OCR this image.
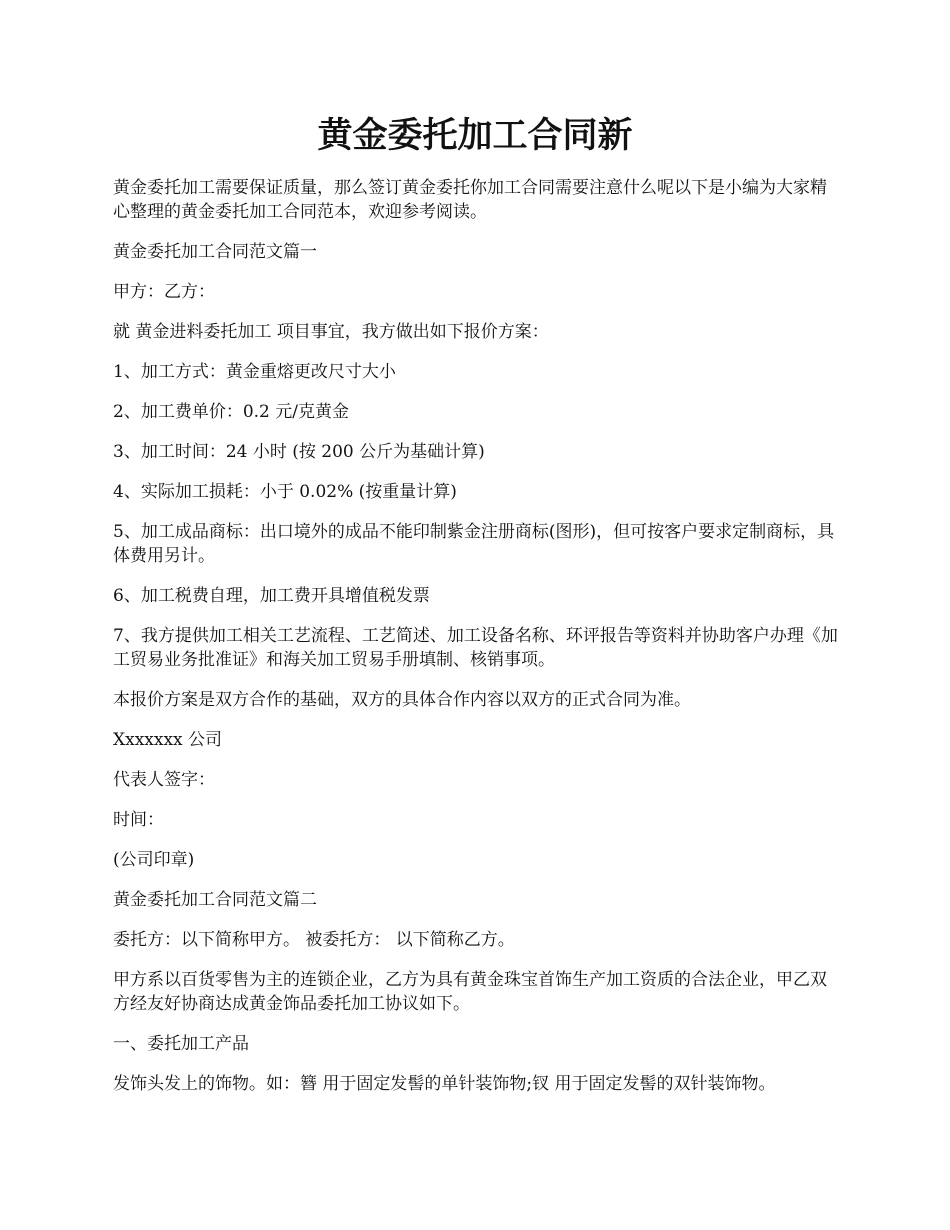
黄金委托加工合同新

黄金委托加工需要保证质量，那么签订黄金委托你加工合同需要注意什么呢以下是小编为大家精心整理的黄金委托加工合同范本，欢迎参考阅读。

黄金委托加工合同范文篇一

甲方：乙方：

就 黄金进料委托加工 项目事宜，我方做出如下报价方案：

1、加工方式：黄金重熔更改尺寸大小

2、加工费单价：0.2 元/克黄金

3、加工时间：24 小时 (按 200 公斤为基础计算)

4、实际加工损耗：小于 0.02% (按重量计算)

5、加工成品商标：出口境外的成品不能印制紫金注册商标(图形)，但可按客户要求定制商标，具体费用另计。

6、加工税费自理，加工费开具增值税发票

7、我方提供加工相关工艺流程、工艺简述、加工设备名称、环评报告等资料并协助客户办理《加工贸易业务批准证》和海关加工贸易手册填制、核销事项。

本报价方案是双方合作的基础，双方的具体合作内容以双方的正式合同为准。

Xxxxxxx 公司

代表人签字：

时间：

(公司印章)

黄金委托加工合同范文篇二

委托方：以下简称甲方。 被委托方： 以下简称乙方。

甲方系以百货零售为主的连锁企业，乙方为具有黄金珠宝首饰生产加工资质的合法企业，甲乙双方经友好协商达成黄金饰品委托加工协议如下。

一、委托加工产品

发饰头发上的饰物。如：簪 用于固定发髻的单针装饰物;钗 用于固定发髻的双针装饰物。
